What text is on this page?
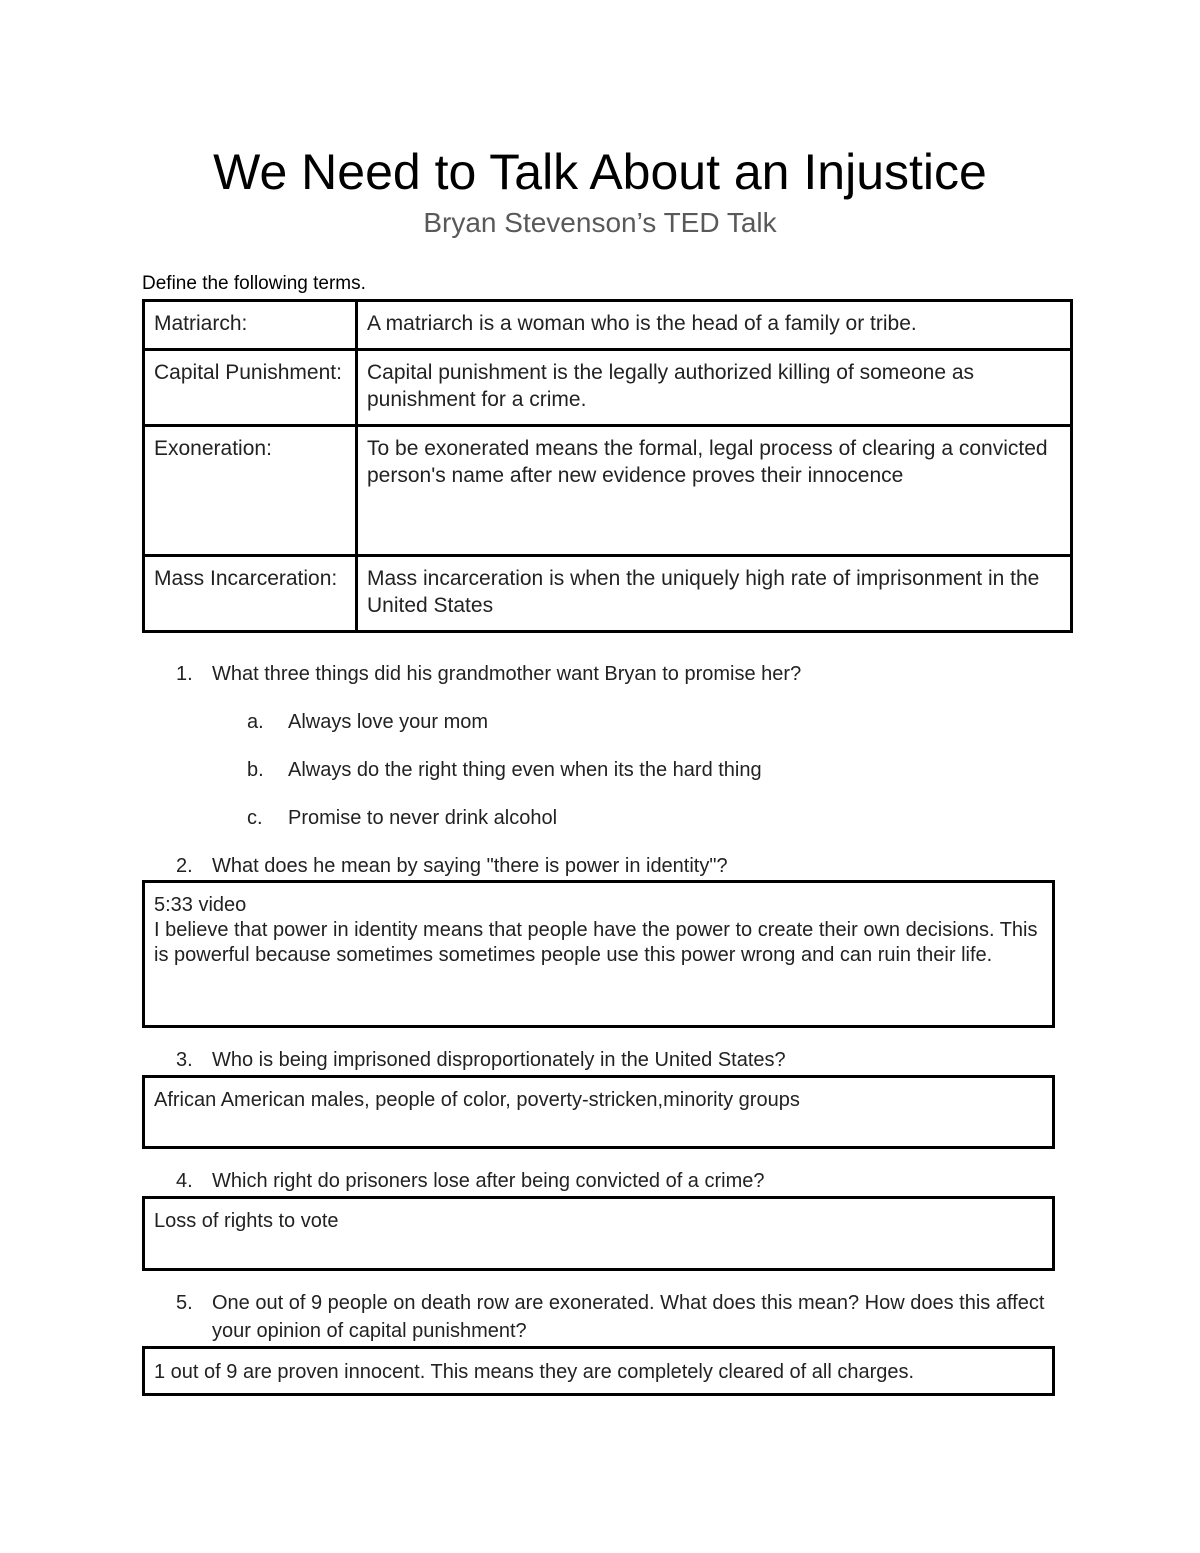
We Need to Talk About an Injustice
Bryan Stevenson’s TED Talk
Define the following terms.
Matriarch:	A matriarch is a woman who is the head of a family or tribe.
Capital Punishment:	Capital punishment is the legally authorized killing of someone as punishment for a crime.
Exoneration:	To be exonerated means the formal, legal process of clearing a convicted person's name after new evidence proves their innocence
Mass Incarceration:	Mass incarceration is when the uniquely high rate of imprisonment in the United States
1. What three things did his grandmother want Bryan to promise her?
a. Always love your mom
b. Always do the right thing even when its the hard thing
c. Promise to never drink alcohol
2. What does he mean by saying "there is power in identity"?
5:33 video
I believe that power in identity means that people have the power to create their own decisions. This is powerful because sometimes sometimes people use this power wrong and can ruin their life.
3. Who is being imprisoned disproportionately in the United States?
African American males, people of color, poverty-stricken,minority groups
4. Which right do prisoners lose after being convicted of a crime?
Loss of rights to vote
5. One out of 9 people on death row are exonerated. What does this mean? How does this affect your opinion of capital punishment?
1 out of 9 are proven innocent. This means they are completely cleared of all charges.
